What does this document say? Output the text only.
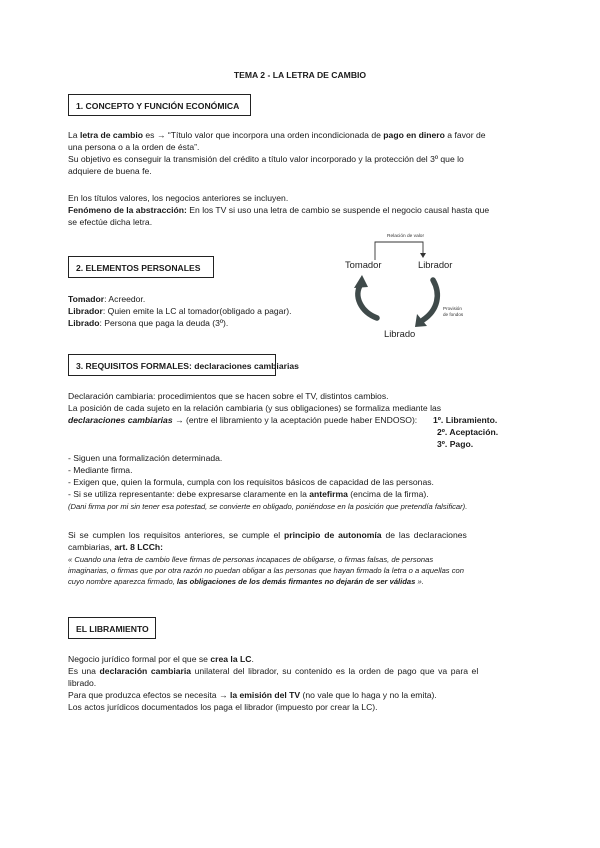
TEMA 2 - LA LETRA DE CAMBIO
1. CONCEPTO Y FUNCIÓN ECONÓMICA
La letra de cambio es → “Título valor que incorpora una orden incondicionada de pago en dinero a favor de
una persona o a la orden de ésta”.
Su objetivo es conseguir la transmisión del crédito a título valor incorporado y la protección del 3º que lo
adquiere de buena fe.
En los títulos valores, los negocios anteriores se incluyen.
Fenómeno de la abstracción: En los TV si uso una letra de cambio se suspende el negocio causal hasta que
se efectúe dicha letra.
Relación de valor
Tomador	Librador
Librado
Provisión
de fondos
2. ELEMENTOS PERSONALES
Tomador: Acreedor.
Librador: Quien emite la LC al tomador(obligado a pagar).
Librado: Persona que paga la deuda (3º).
3. REQUISITOS FORMALES: declaraciones cambiarias
Declaración cambiaria: procedimientos que se hacen sobre el TV, distintos cambios.
La posición de cada sujeto en la relación cambiaria (y sus obligaciones) se formaliza mediante las
declaraciones cambiarias → (entre el libramiento y la aceptación puede haber ENDOSO): 1º. Libramiento.
2º. Aceptación.
3º. Pago.
- Siguen una formalización determinada.
- Mediante firma.
- Exigen que, quien la formula, cumpla con los requisitos básicos de capacidad de las personas.
- Si se utiliza representante: debe expresarse claramente en la antefirma (encima de la firma).
(Dani firma por mi sin tener esa potestad, se convierte en obligado, poniéndose en la posición que pretendía falsificar).
Si se cumplen los requisitos anteriores, se cumple el principio de autonomía de las declaraciones
cambiarias, art. 8 LCCh:
« Cuando una letra de cambio lleve firmas de personas incapaces de obligarse, o firmas falsas, de personas
imaginarias, o firmas que por otra razón no puedan obligar a las personas que hayan firmado la letra o a aquellas con
cuyo nombre aparezca firmado, las obligaciones de los demás firmantes no dejarán de ser válidas ».
EL LIBRAMIENTO
Negocio jurídico formal por el que se crea la LC.
Es una declaración cambiaria unilateral del librador, su contenido es la orden de pago que va para el
librado.
Para que produzca efectos se necesita → la emisión del TV (no vale que lo haga y no la emita).
Los actos jurídicos documentados los paga el librador (impuesto por crear la LC).
